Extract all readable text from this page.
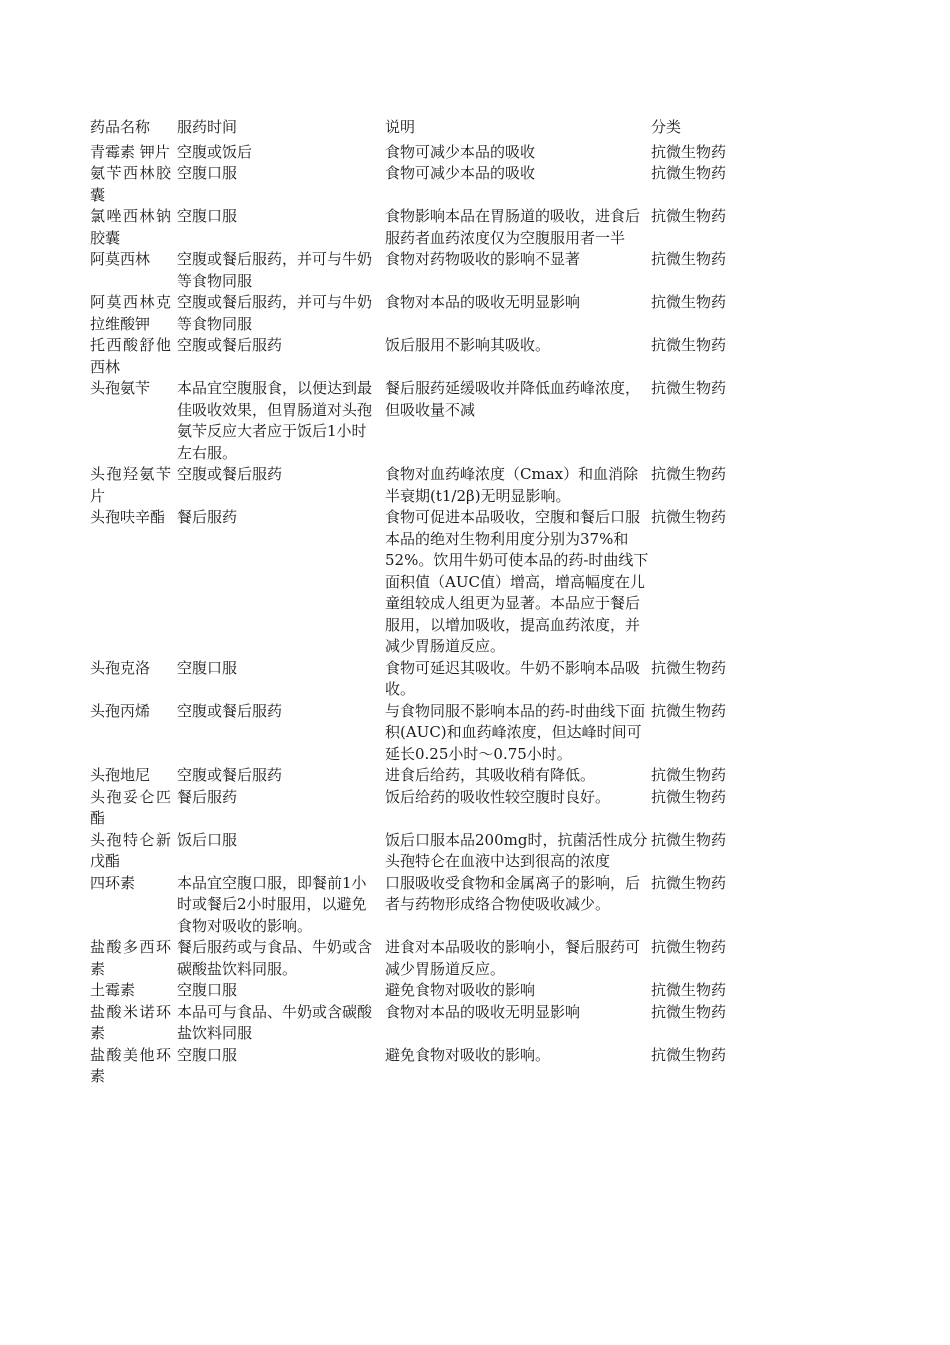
药品名称	服药时间	说明	分类
青霉素 钾片	空腹或饭后	食物可减少本品的吸收	抗微生物药
氨苄西林胶囊	空腹口服	食物可减少本品的吸收	抗微生物药
氯唑西林钠胶囊	空腹口服	食物影响本品在胃肠道的吸收，进食后服药者血药浓度仅为空腹服用者一半	抗微生物药
阿莫西林	空腹或餐后服药，并可与牛奶等食物同服	食物对药物吸收的影响不显著	抗微生物药
阿莫西林克拉维酸钾	空腹或餐后服药，并可与牛奶等食物同服	食物对本品的吸收无明显影响	抗微生物药
托西酸舒他西林	空腹或餐后服药	饭后服用不影响其吸收。	抗微生物药
头孢氨苄	本品宜空腹服食，以便达到最佳吸收效果，但胃肠道对头孢氨苄反应大者应于饭后1小时左右服。	餐后服药延缓吸收并降低血药峰浓度，但吸收量不减	抗微生物药
头孢羟氨苄片	空腹或餐后服药	食物对血药峰浓度（Cmax）和血消除半衰期(t1/2β)无明显影响。	抗微生物药
头孢呋辛酯	餐后服药	食物可促进本品吸收，空腹和餐后口服本品的绝对生物利用度分别为37%和52%。饮用牛奶可使本品的药-时曲线下面积值（AUC值）增高，增高幅度在儿童组较成人组更为显著。本品应于餐后服用，以增加吸收，提高血药浓度，并减少胃肠道反应。	抗微生物药
头孢克洛	空腹口服	食物可延迟其吸收。牛奶不影响本品吸收。	抗微生物药
头孢丙烯	空腹或餐后服药	与食物同服不影响本品的药-时曲线下面积(AUC)和血药峰浓度，但达峰时间可延长0.25小时～0.75小时。	抗微生物药
头孢地尼	空腹或餐后服药	进食后给药，其吸收稍有降低。	抗微生物药
头孢妥仑匹酯	餐后服药	饭后给药的吸收性较空腹时良好。	抗微生物药
头孢特仑新戊酯	饭后口服	饭后口服本品200mg时，抗菌活性成分头孢特仑在血液中达到很高的浓度	抗微生物药
四环素	本品宜空腹口服，即餐前1小时或餐后2小时服用，以避免食物对吸收的影响。	口服吸收受食物和金属离子的影响，后者与药物形成络合物使吸收减少。	抗微生物药
盐酸多西环素	餐后服药或与食品、牛奶或含碳酸盐饮料同服。	进食对本品吸收的影响小，餐后服药可减少胃肠道反应。	抗微生物药
土霉素	空腹口服	避免食物对吸收的影响	抗微生物药
盐酸米诺环素	本品可与食品、牛奶或含碳酸盐饮料同服	食物对本品的吸收无明显影响	抗微生物药
盐酸美他环素	空腹口服	避免食物对吸收的影响。	抗微生物药
